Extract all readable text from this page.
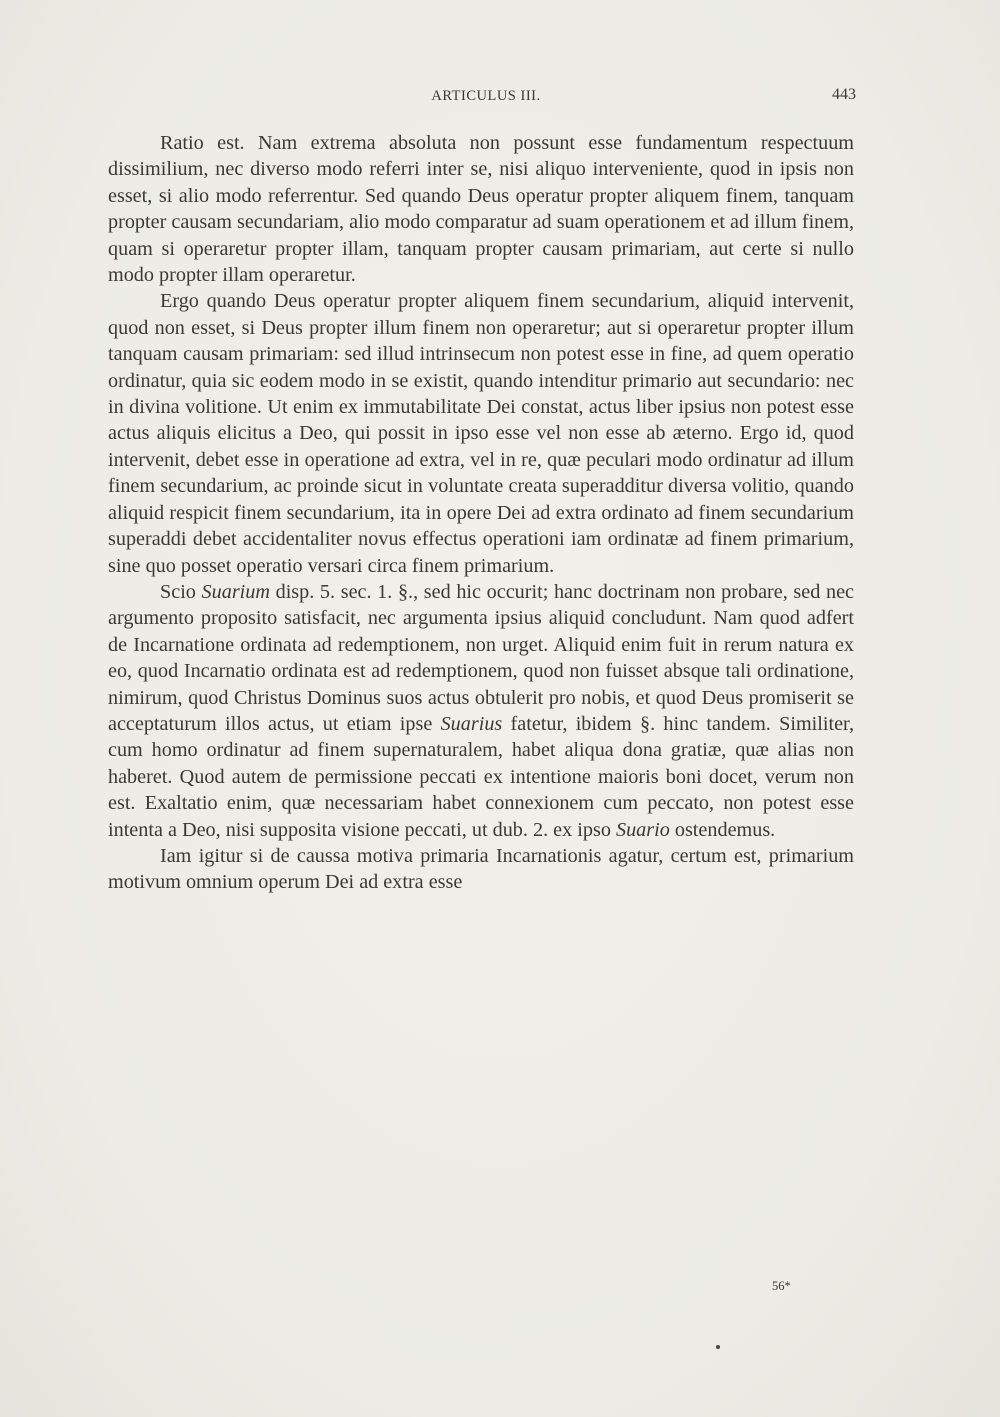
ARTICULUS III.	443

Ratio est. Nam extrema absoluta non possunt esse fundamentum respectuum dissimilium, nec diverso modo referri inter se, nisi aliquo interveniente, quod in ipsis non esset, si alio modo referrentur. Sed quando Deus operatur propter aliquem finem, tanquam propter causam secundariam, alio modo comparatur ad suam operationem et ad illum finem, quam si operaretur propter illam, tanquam propter causam primariam, aut certe si nullo modo propter illam operaretur.

Ergo quando Deus operatur propter aliquem finem secundarium, aliquid intervenit, quod non esset, si Deus propter illum finem non operaretur; aut si operaretur propter illum tanquam causam primariam: sed illud intrinsecum non potest esse in fine, ad quem operatio ordinatur, quia sic eodem modo in se existit, quando intenditur primario aut secundario: nec in divina volitione. Ut enim ex immutabilitate Dei constat, actus liber ipsius non potest esse actus aliquis elicitus a Deo, qui possit in ipso esse vel non esse ab æterno. Ergo id, quod intervenit, debet esse in operatione ad extra, vel in re, quæ peculari modo ordinatur ad illum finem secundarium, ac proinde sicut in voluntate creata superadditur diversa volitio, quando aliquid respicit finem secundarium, ita in opere Dei ad extra ordinato ad finem secundarium superaddi debet accidentaliter novus effectus operationi iam ordinatæ ad finem primarium, sine quo posset operatio versari circa finem primarium.

Scio Suarium disp. 5. sec. 1. §., sed hic occurit; hanc doctrinam non probare, sed nec argumento proposito satisfacit, nec argumenta ipsius aliquid concludunt. Nam quod adfert de Incarnatione ordinata ad redemptionem, non urget. Aliquid enim fuit in rerum natura ex eo, quod Incarnatio ordinata est ad redemptionem, quod non fuisset absque tali ordinatione, nimirum, quod Christus Dominus suos actus obtulerit pro nobis, et quod Deus promiserit se acceptaturum illos actus, ut etiam ipse Suarius fatetur, ibidem §. hinc tandem. Similiter, cum homo ordinatur ad finem supernaturalem, habet aliqua dona gratiæ, quæ alias non haberet. Quod autem de permissione peccati ex intentione maioris boni docet, verum non est. Exaltatio enim, quæ necessariam habet connexionem cum peccato, non potest esse intenta a Deo, nisi supposita visione peccati, ut dub. 2. ex ipso Suario ostendemus.

Iam igitur si de caussa motiva primaria Incarnationis agatur, certum est, primarium motivum omnium operum Dei ad extra esse

56*
